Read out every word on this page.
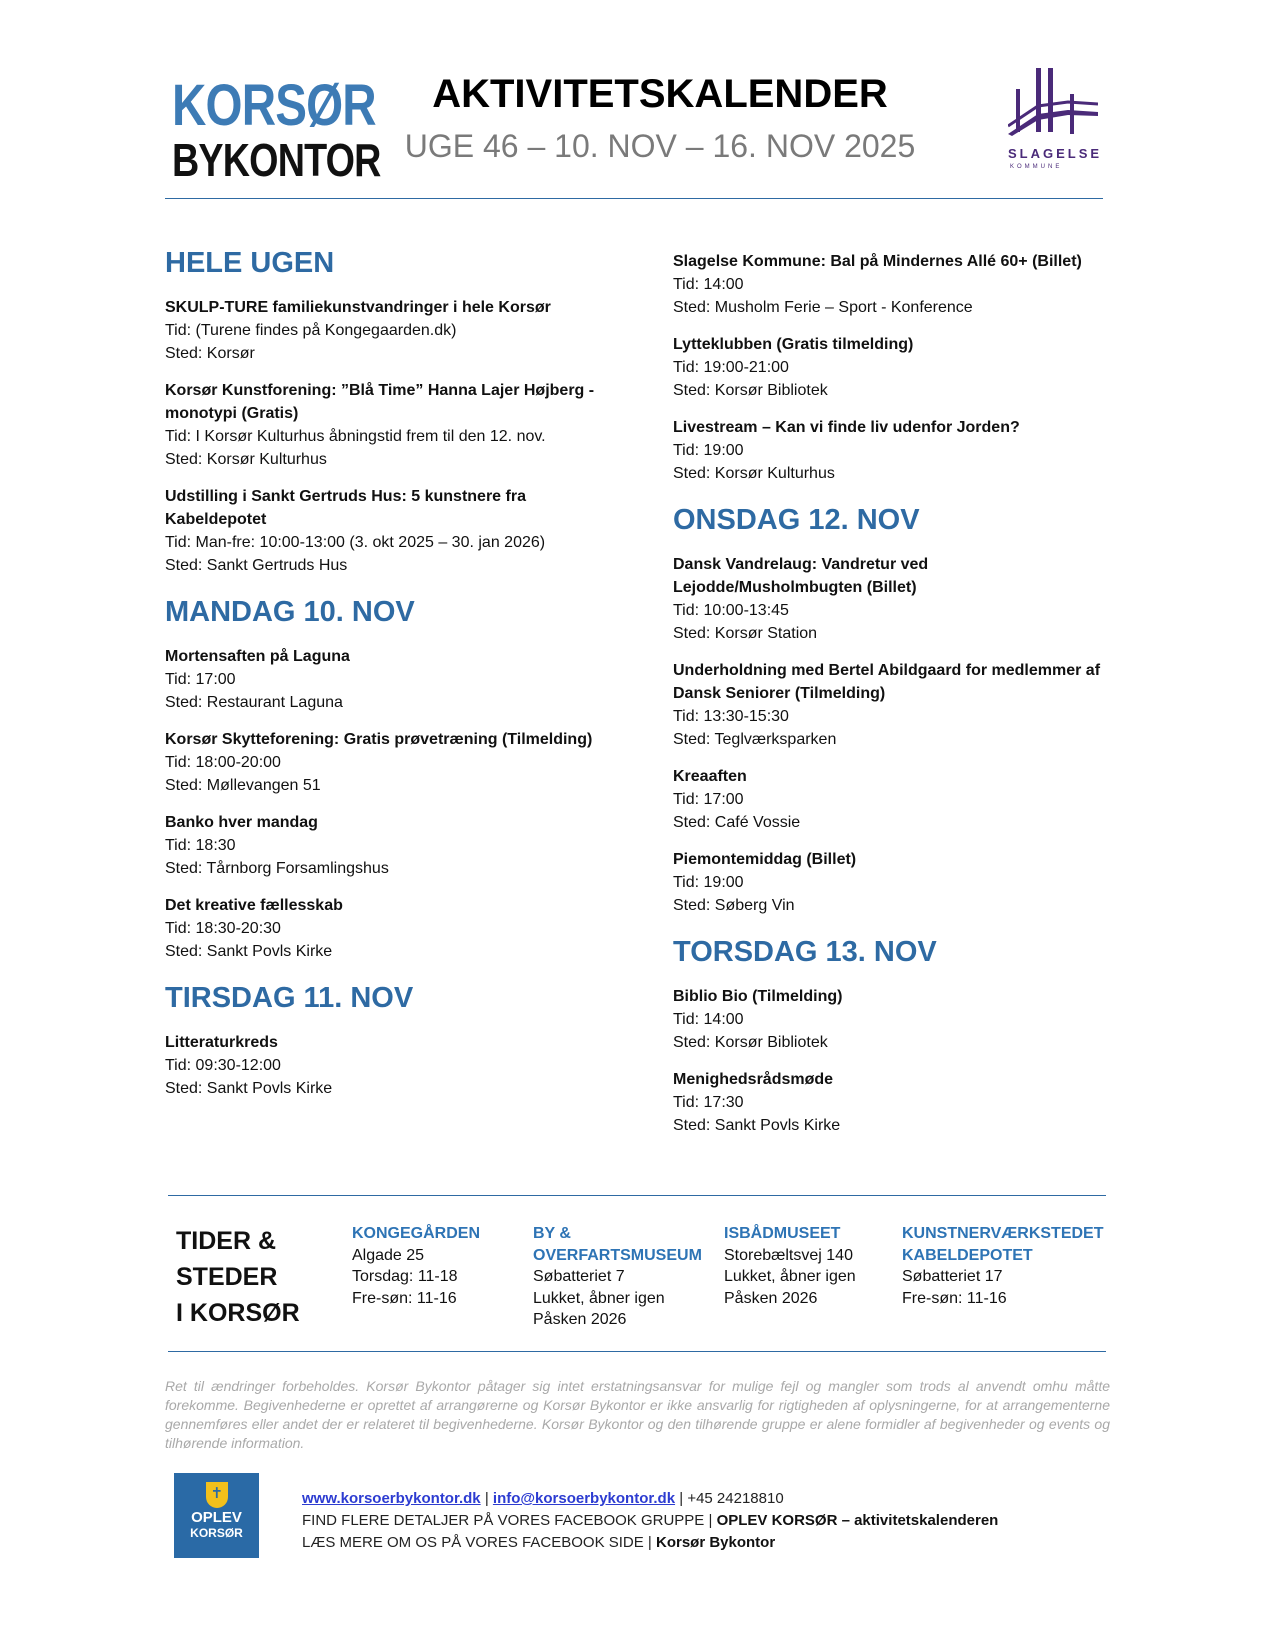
KORSØR
BYKONTOR
AKTIVITETSKALENDER
UGE 46 – 10. NOV – 16. NOV 2025	SLAGELSE
KOMMUNE
HELE UGEN
SKULP-TURE familiekunstvandringer i hele Korsør
Tid: (Turene findes på Kongegaarden.dk)
Sted: Korsør
Korsør Kunstforening: ”Blå Time” Hanna Lajer Højberg - monotypi (Gratis)
Tid: I Korsør Kulturhus åbningstid frem til den 12. nov.
Sted: Korsør Kulturhus
Udstilling i Sankt Gertruds Hus: 5 kunstnere fra Kabeldepotet
Tid: Man-fre: 10:00-13:00 (3. okt 2025 – 30. jan 2026)
Sted: Sankt Gertruds Hus
MANDAG 10. NOV
Mortensaften på Laguna
Tid: 17:00
Sted: Restaurant Laguna
Korsør Skytteforening: Gratis prøvetræning (Tilmelding)
Tid: 18:00-20:00
Sted: Møllevangen 51
Banko hver mandag
Tid: 18:30
Sted: Tårnborg Forsamlingshus
Det kreative fællesskab
Tid: 18:30-20:30
Sted: Sankt Povls Kirke
TIRSDAG 11. NOV
Litteraturkreds
Tid: 09:30-12:00
Sted: Sankt Povls Kirke
Slagelse Kommune: Bal på Mindernes Allé 60+ (Billet)
Tid: 14:00
Sted: Musholm Ferie – Sport - Konference
Lytteklubben (Gratis tilmelding)
Tid: 19:00-21:00
Sted: Korsør Bibliotek
Livestream – Kan vi finde liv udenfor Jorden?
Tid: 19:00
Sted: Korsør Kulturhus
ONSDAG 12. NOV
Dansk Vandrelaug: Vandretur ved Lejodde/Musholmbugten (Billet)
Tid: 10:00-13:45
Sted: Korsør Station
Underholdning med Bertel Abildgaard for medlemmer af Dansk Seniorer (Tilmelding)
Tid: 13:30-15:30
Sted: Teglværksparken
Kreaaften
Tid: 17:00
Sted: Café Vossie
Piemontemiddag (Billet)
Tid: 19:00
Sted: Søberg Vin
TORSDAG 13. NOV
Biblio Bio (Tilmelding)
Tid: 14:00
Sted: Korsør Bibliotek
Menighedsrådsmøde
Tid: 17:30
Sted: Sankt Povls Kirke
TIDER &
STEDER
I KORSØR
KONGEGÅRDEN
Algade 25
Torsdag: 11-18
Fre-søn: 11-16
BY &
OVERFARTSMUSEUM
Søbatteriet 7
Lukket, åbner igen
Påsken 2026
ISBÅDMUSEET
Storebæltsvej 140
Lukket, åbner igen
Påsken 2026
KUNSTNERVÆRKSTEDET
KABELDEPOTET
Søbatteriet 17
Fre-søn: 11-16
Ret til ændringer forbeholdes. Korsør Bykontor påtager sig intet erstatningsansvar for mulige fejl og mangler som trods al anvendt omhu måtte forekomme. Begivenhederne er oprettet af arrangørerne og Korsør Bykontor er ikke ansvarlig for rigtigheden af oplysningerne, for at arrangementerne gennemføres eller andet der er relateret til begivenhederne. Korsør Bykontor og den tilhørende gruppe er alene formidler af begivenheder og events og tilhørende information.
✝
OPLEV
KORSØR
www.korsoerbykontor.dk | info@korsoerbykontor.dk | +45 24218810
FIND FLERE DETALJER PÅ VORES FACEBOOK GRUPPE | OPLEV KORSØR – aktivitetskalenderen
LÆS MERE OM OS PÅ VORES FACEBOOK SIDE | Korsør Bykontor
